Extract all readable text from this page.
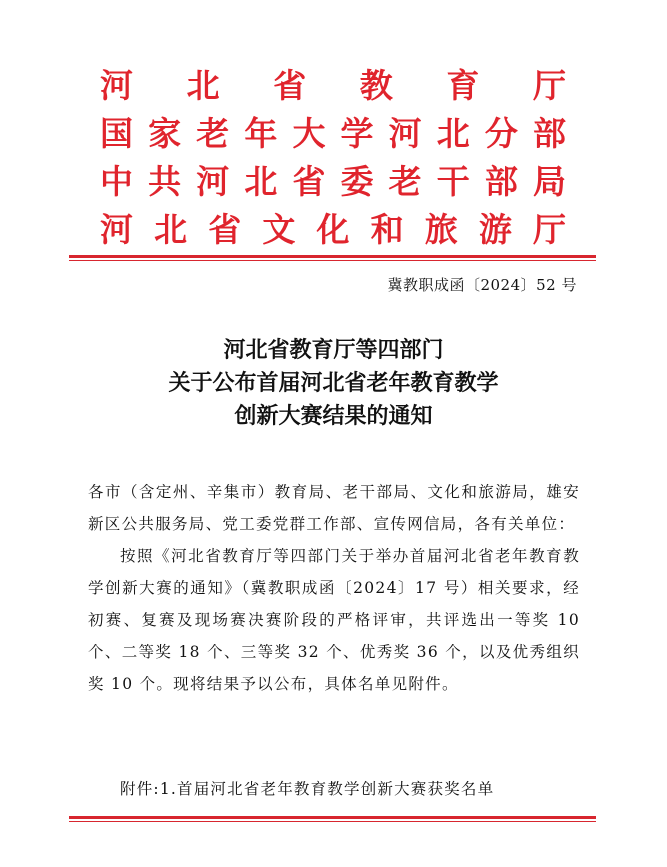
河 北 省 教 育 厅
国 家 老 年 大 学 河 北 分 部
中 共 河 北 省 委 老 干 部 局
河 北 省 文 化 和 旅 游 厅
冀教职成函〔2024〕52 号
河北省教育厅等四部门
关于公布首届河北省老年教育教学
创新大赛结果的通知

各市（含定州、辛集市）教育局、老干部局、文化和旅游局，雄安新区公共服务局、党工委党群工作部、宣传网信局，各有关单位：

按照《河北省教育厅等四部门关于举办首届河北省老年教育教学创新大赛的通知》（冀教职成函〔2024〕17 号）相关要求，经初赛、复赛及现场赛决赛阶段的严格评审，共评选出一等奖 10 个、二等奖 18 个、三等奖 32 个、优秀奖 36 个，以及优秀组织奖 10 个。现将结果予以公布，具体名单见附件。

附件:1.首届河北省老年教育教学创新大赛获奖名单
